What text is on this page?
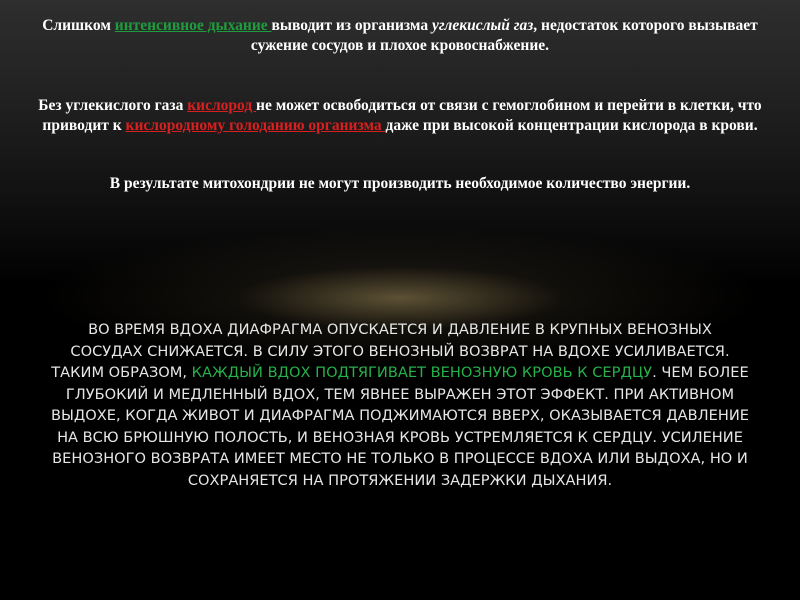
Слишком интенсивное дыхание выводит из организма углекислый газ, недостаток которого вызывает сужение сосудов и плохое кровоснабжение.

Без углекислого газа кислород не может освободиться от связи с гемоглобином и перейти в клетки, что приводит к кислородному голоданию организма даже при высокой концентрации кислорода в крови.

В результате митохондрии не могут производить необходимое количество энергии.

ВО ВРЕМЯ ВДОХА ДИАФРАГМА ОПУСКАЕТСЯ И ДАВЛЕНИЕ В КРУПНЫХ ВЕНОЗНЫХ СОСУДАХ СНИЖАЕТСЯ. В СИЛУ ЭТОГО ВЕНОЗНЫЙ ВОЗВРАТ НА ВДОХЕ УСИЛИВАЕТСЯ. ТАКИМ ОБРАЗОМ, КАЖДЫЙ ВДОХ ПОДТЯГИВАЕТ ВЕНОЗНУЮ КРОВЬ К СЕРДЦУ. ЧЕМ БОЛЕЕ ГЛУБОКИЙ И МЕДЛЕННЫЙ ВДОХ, ТЕМ ЯВНЕЕ ВЫРАЖЕН ЭТОТ ЭФФЕКТ. ПРИ АКТИВНОМ ВЫДОХЕ, КОГДА ЖИВОТ И ДИАФРАГМА ПОДЖИМАЮТСЯ ВВЕРХ, ОКАЗЫВАЕТСЯ ДАВЛЕНИЕ НА ВСЮ БРЮШНУЮ ПОЛОСТЬ, И ВЕНОЗНАЯ КРОВЬ УСТРЕМЛЯЕТСЯ К СЕРДЦУ. УСИЛЕНИЕ ВЕНОЗНОГО ВОЗВРАТА ИМЕЕТ МЕСТО НЕ ТОЛЬКО В ПРОЦЕССЕ ВДОХА ИЛИ ВЫДОХА, НО И СОХРАНЯЕТСЯ НА ПРОТЯЖЕНИИ ЗАДЕРЖКИ ДЫХАНИЯ.
